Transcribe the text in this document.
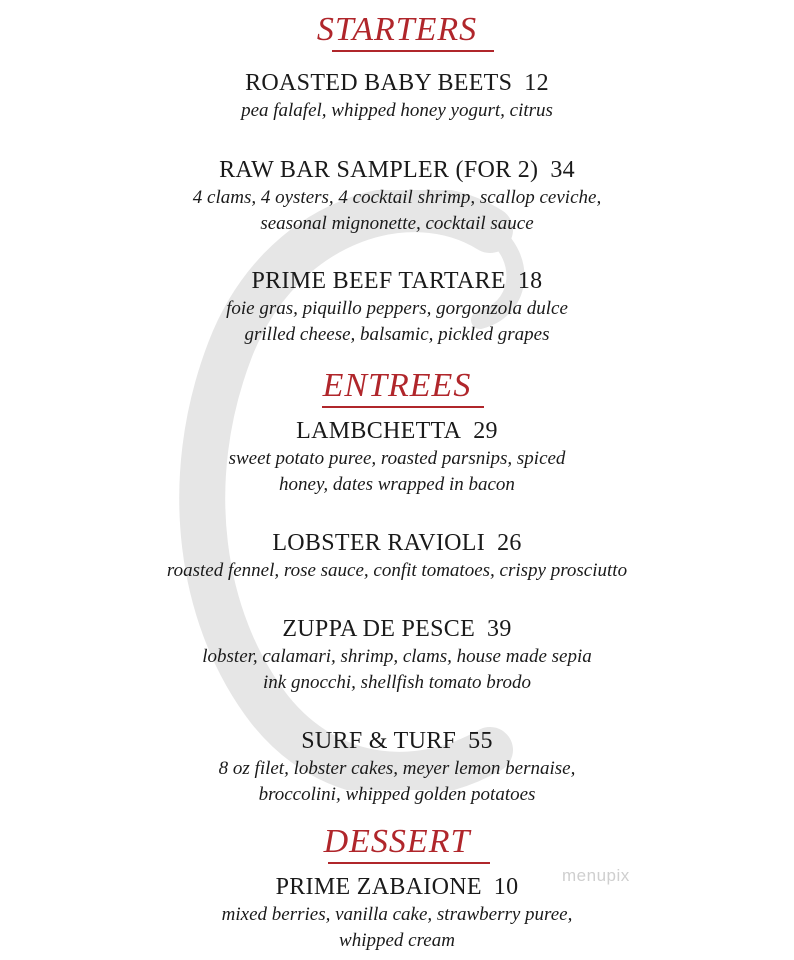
STARTERS
ROASTED BABY BEETS 12
pea falafel, whipped honey yogurt, citrus
RAW BAR SAMPLER (FOR 2) 34
4 clams, 4 oysters, 4 cocktail shrimp, scallop ceviche,
seasonal mignonette, cocktail sauce
PRIME BEEF TARTARE 18
foie gras, piquillo peppers, gorgonzola dulce
grilled cheese, balsamic, pickled grapes
ENTREES
LAMBCHETTA 29
sweet potato puree, roasted parsnips, spiced
honey, dates wrapped in bacon
LOBSTER RAVIOLI 26
roasted fennel, rose sauce, confit tomatoes, crispy prosciutto
ZUPPA DE PESCE 39
lobster, calamari, shrimp, clams, house made sepia
ink gnocchi, shellfish tomato brodo
SURF & TURF 55
8 oz filet, lobster cakes, meyer lemon bernaise,
broccolini, whipped golden potatoes
DESSERT
PRIME ZABAIONE 10
mixed berries, vanilla cake, strawberry puree,
whipped cream
menupix
